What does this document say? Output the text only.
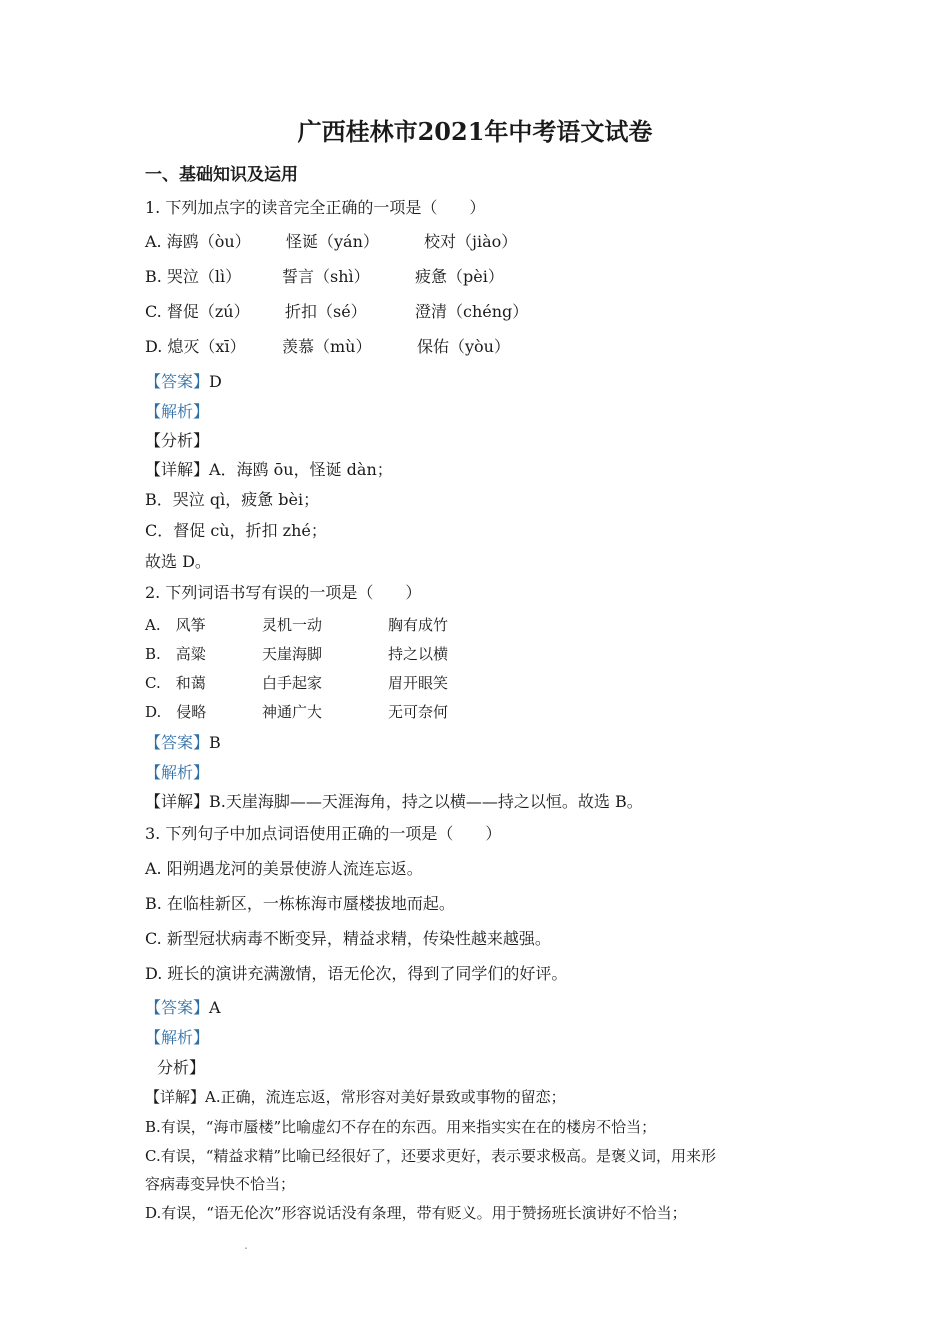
广西桂林市2021年中考语文试卷
一、基础知识及运用
1. 下列加点字的读音完全正确的一项是（　　）
A. 海鸥（òu） 怪诞（yán）	校对（jiào）
B. 哭泣（lì）	誓言（shì）	疲惫（pèi）
C. 督促（zú） 折扣（sé）	澄清（chéng）
D. 熄灭（xī） 羡慕（mù）	保佑（yòu）
【答案】D
【解析】
【分析】
【详解】A．海鸥 ōu，怪诞 dàn；
B．哭泣 qì，疲惫 bèi；
C．督促 cù，折扣 zhé；
故选 D。
2. 下列词语书写有误的一项是（　　）
A.　风筝	灵机一动	胸有成竹
B.　高粱	天崖海脚	持之以横
C.　和蔼	白手起家	眉开眼笑
D.　侵略	神通广大	无可奈何
【答案】B
【解析】
【详解】B.天崖海脚——天涯海角，持之以横——持之以恒。故选 B。
3. 下列句子中加点词语使用正确的一项是（　　）
A. 阳朔遇龙河的美景使游人流连忘返。
B. 在临桂新区，一栋栋海市蜃楼拔地而起。
C. 新型冠状病毒不断变异，精益求精，传染性越来越强。
D. 班长的演讲充满激情，语无伦次，得到了同学们的好评。
【答案】A
【解析】
分析】
【详解】A.正确，流连忘返，常形容对美好景致或事物的留恋；
B.有误，“海市蜃楼”比喻虚幻不存在的东西。用来指实实在在的楼房不恰当；
C.有误，“精益求精”比喻已经很好了，还要求更好，表示要求极高。是褒义词，用来形
容病毒变异快不恰当；
D.有误，“语无伦次”形容说话没有条理，带有贬义。用于赞扬班长演讲好不恰当；
.
